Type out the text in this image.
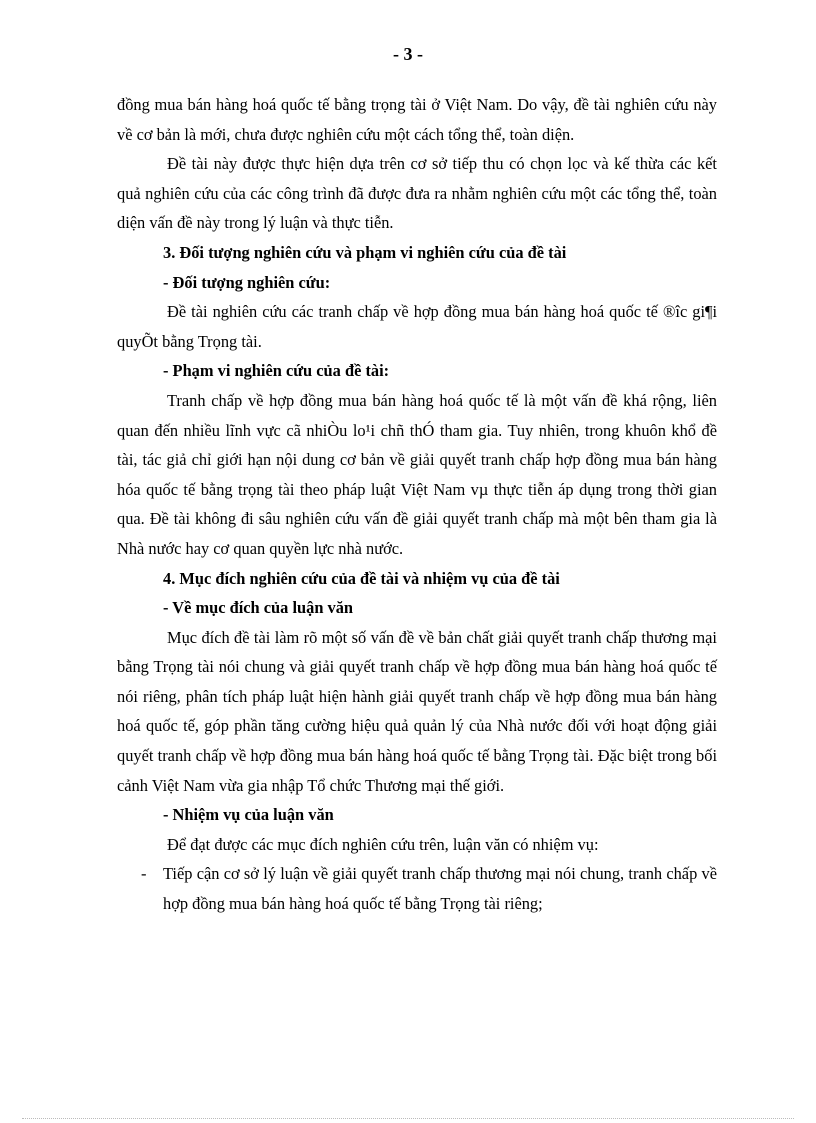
- 3 -

đồng mua bán hàng hoá quốc tế bằng trọng tài ở Việt Nam. Do vậy, đề tài nghiên cứu này về cơ bản là mới, chưa được nghiên cứu một cách tổng thể, toàn diện.

Đề tài này được thực hiện dựa trên cơ sở tiếp thu có chọn lọc và kế thừa các kết quả nghiên cứu của các công trình đã được đưa ra nhằm nghiên cứu một các tổng thể, toàn diện vấn đề này trong lý luận và thực tiễn.

3. Đối tượng nghiên cứu và phạm vi nghiên cứu của đề tài

- Đối tượng nghiên cứu:

Đề tài nghiên cứu các tranh chấp về hợp đồng mua bán hàng hoá quốc tế ®îc gi¶i quyÕt bằng Trọng tài.

- Phạm vi nghiên cứu của đề tài:

Tranh chấp về hợp đồng mua bán hàng hoá quốc tế là một vấn đề khá rộng, liên quan đến nhiều lĩnh vực cã nhiÒu lo¹i chñ thÓ tham gia. Tuy nhiên, trong khuôn khổ đề tài, tác giả chỉ giới hạn nội dung cơ bản về giải quyết tranh chấp hợp đồng mua bán hàng hóa quốc tế bằng trọng tài theo pháp luật Việt Nam vµ thực tiễn áp dụng trong thời gian qua. Đề tài không đi sâu nghiên cứu vấn đề giải quyết tranh chấp mà một bên tham gia là Nhà nước hay cơ quan quyền lực nhà nước.

4. Mục đích nghiên cứu của đề tài và nhiệm vụ của đề tài

- Về mục đích của luận văn

Mục đích đề tài làm rõ một số vấn đề về bản chất giải quyết tranh chấp thương mại bằng Trọng tài nói chung và giải quyết tranh chấp về hợp đồng mua bán hàng hoá quốc tế nói riêng, phân tích pháp luật hiện hành giải quyết tranh chấp về hợp đồng mua bán hàng hoá quốc tế, góp phần tăng cường hiệu quả quản lý của Nhà nước đối với hoạt động giải quyết tranh chấp về hợp đồng mua bán hàng hoá quốc tế bằng Trọng tài. Đặc biệt trong bối cảnh Việt Nam vừa gia nhập Tổ chức Thương mại thế giới.

- Nhiệm vụ của luận văn

Để đạt được các mục đích nghiên cứu trên, luận văn có nhiệm vụ:

- Tiếp cận cơ sở lý luận về giải quyết tranh chấp thương mại nói chung, tranh chấp về hợp đồng mua bán hàng hoá quốc tế bằng Trọng tài riêng;
